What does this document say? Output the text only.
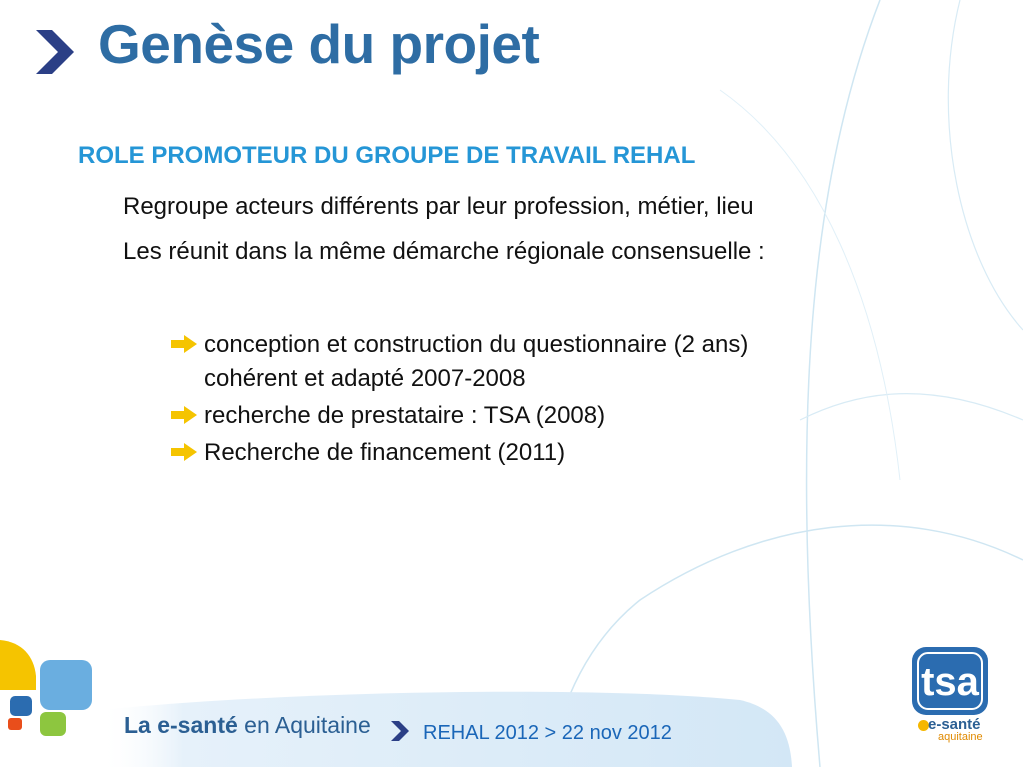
Genèse du projet
ROLE PROMOTEUR DU GROUPE DE TRAVAIL REHAL

Regroupe acteurs différents par leur profession, métier, lieu

Les réunit dans la même démarche régionale consensuelle :

conception et construction du questionnaire (2 ans)
cohérent et adapté 2007-2008
recherche de prestataire : TSA (2008)
Recherche de financement (2011)

La e-santé en Aquitaine	REHAL 2012 > 22 nov 2012

tsa

e-santé

aquitaine
